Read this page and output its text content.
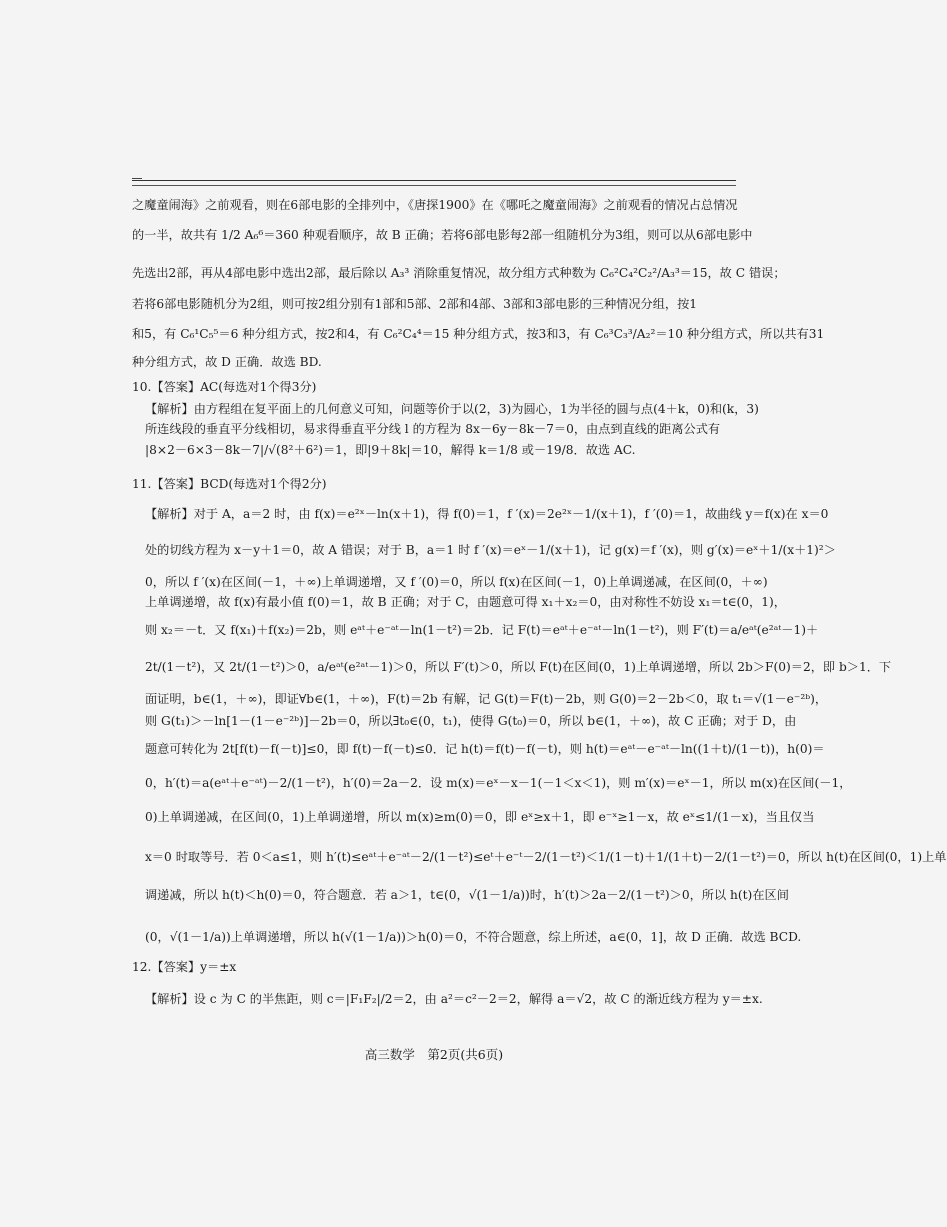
之魔童闹海》之前观看，则在6部电影的全排列中，《唐探1900》在《哪吒之魔童闹海》之前观看的情况占总情况
的一半，故共有 1/2 A₆⁶＝360 种观看顺序，故 B 正确；若将6部电影每2部一组随机分为3组，则可以从6部电影中
先选出2部，再从4部电影中选出2部，最后除以 A₃³ 消除重复情况，故分组方式种数为 C₆²C₄²C₂²/A₃³＝15，故 C 错误；
若将6部电影随机分为2组，则可按2组分别有1部和5部、2部和4部、3部和3部电影的三种情况分组，按1
和5，有 C₆¹C₅⁵＝6 种分组方式，按2和4，有 C₆²C₄⁴＝15 种分组方式，按3和3，有 C₆³C₃³/A₂²＝10 种分组方式，所以共有31
种分组方式，故 D 正确．故选 BD.
10.【答案】AC(每选对1个得3分)
【解析】由方程组在复平面上的几何意义可知，问题等价于以(2，3)为圆心，1为半径的圆与点(4＋k，0)和(k，3)
所连线段的垂直平分线相切，易求得垂直平分线 l 的方程为 8x－6y－8k－7＝0，由点到直线的距离公式有
|8×2－6×3－8k－7|/√(8²＋6²)＝1，即|9＋8k|＝10，解得 k＝1/8 或－19/8．故选 AC.
11.【答案】BCD(每选对1个得2分)
【解析】对于 A，a＝2 时，由 f(x)＝e²ˣ－ln(x＋1)，得 f(0)＝1，f ′(x)＝2e²ˣ－1/(x＋1)，f ′(0)＝1，故曲线 y＝f(x)在 x＝0
处的切线方程为 x－y＋1＝0，故 A 错误；对于 B，a＝1 时 f ′(x)＝eˣ－1/(x＋1)，记 g(x)＝f ′(x)，则 g′(x)＝eˣ＋1/(x＋1)²＞
0，所以 f ′(x)在区间(－1，＋∞)上单调递增，又 f ′(0)＝0，所以 f(x)在区间(－1，0)上单调递减，在区间(0，＋∞)
上单调递增，故 f(x)有最小值 f(0)＝1，故 B 正确；对于 C，由题意可得 x₁＋x₂＝0，由对称性不妨设 x₁＝t∈(0，1)，
则 x₂＝－t．又 f(x₁)＋f(x₂)＝2b，则 eᵃᵗ＋e⁻ᵃᵗ－ln(1－t²)＝2b．记 F(t)＝eᵃᵗ＋e⁻ᵃᵗ－ln(1－t²)，则 F′(t)＝a/eᵃᵗ(e²ᵃᵗ－1)＋
2t/(1－t²)，又 2t/(1－t²)＞0，a/eᵃᵗ(e²ᵃᵗ－1)＞0，所以 F′(t)＞0，所以 F(t)在区间(0，1)上单调递增，所以 2b＞F(0)＝2，即 b＞1．下
面证明，b∈(1，＋∞)，即证∀b∈(1，＋∞)，F(t)＝2b 有解，记 G(t)＝F(t)－2b，则 G(0)＝2－2b＜0，取 t₁＝√(1－e⁻²ᵇ)，
则 G(t₁)＞－ln[1－(1－e⁻²ᵇ)]－2b＝0，所以∃t₀∈(0，t₁)，使得 G(t₀)＝0，所以 b∈(1，＋∞)，故 C 正确；对于 D，由
题意可转化为 2t[f(t)－f(－t)]≤0，即 f(t)－f(－t)≤0．记 h(t)＝f(t)－f(－t)，则 h(t)＝eᵃᵗ－e⁻ᵃᵗ－ln((1＋t)/(1－t))，h(0)＝
0，h′(t)＝a(eᵃᵗ＋e⁻ᵃᵗ)－2/(1－t²)，h′(0)＝2a－2．设 m(x)＝eˣ－x－1(－1＜x＜1)，则 m′(x)＝eˣ－1，所以 m(x)在区间(－1，
0)上单调递减，在区间(0，1)上单调递增，所以 m(x)≥m(0)＝0，即 eˣ≥x＋1，即 e⁻ˣ≥1－x，故 eˣ≤1/(1－x)，当且仅当
x＝0 时取等号．若 0＜a≤1，则 h′(t)≤eᵃᵗ＋e⁻ᵃᵗ－2/(1－t²)≤eᵗ＋e⁻ᵗ－2/(1－t²)＜1/(1－t)＋1/(1＋t)－2/(1－t²)＝0，所以 h(t)在区间(0，1)上单
调递减，所以 h(t)＜h(0)＝0，符合题意．若 a＞1，t∈(0，√(1－1/a))时，h′(t)＞2a－2/(1－t²)＞0，所以 h(t)在区间
(0，√(1－1/a))上单调递增，所以 h(√(1－1/a))＞h(0)＝0，不符合题意，综上所述，a∈(0，1]，故 D 正确．故选 BCD.
12.【答案】y＝±x
【解析】设 c 为 C 的半焦距，则 c＝|F₁F₂|/2＝2，由 a²＝c²－2＝2，解得 a＝√2，故 C 的渐近线方程为 y＝±x.
高三数学　第2页(共6页)
